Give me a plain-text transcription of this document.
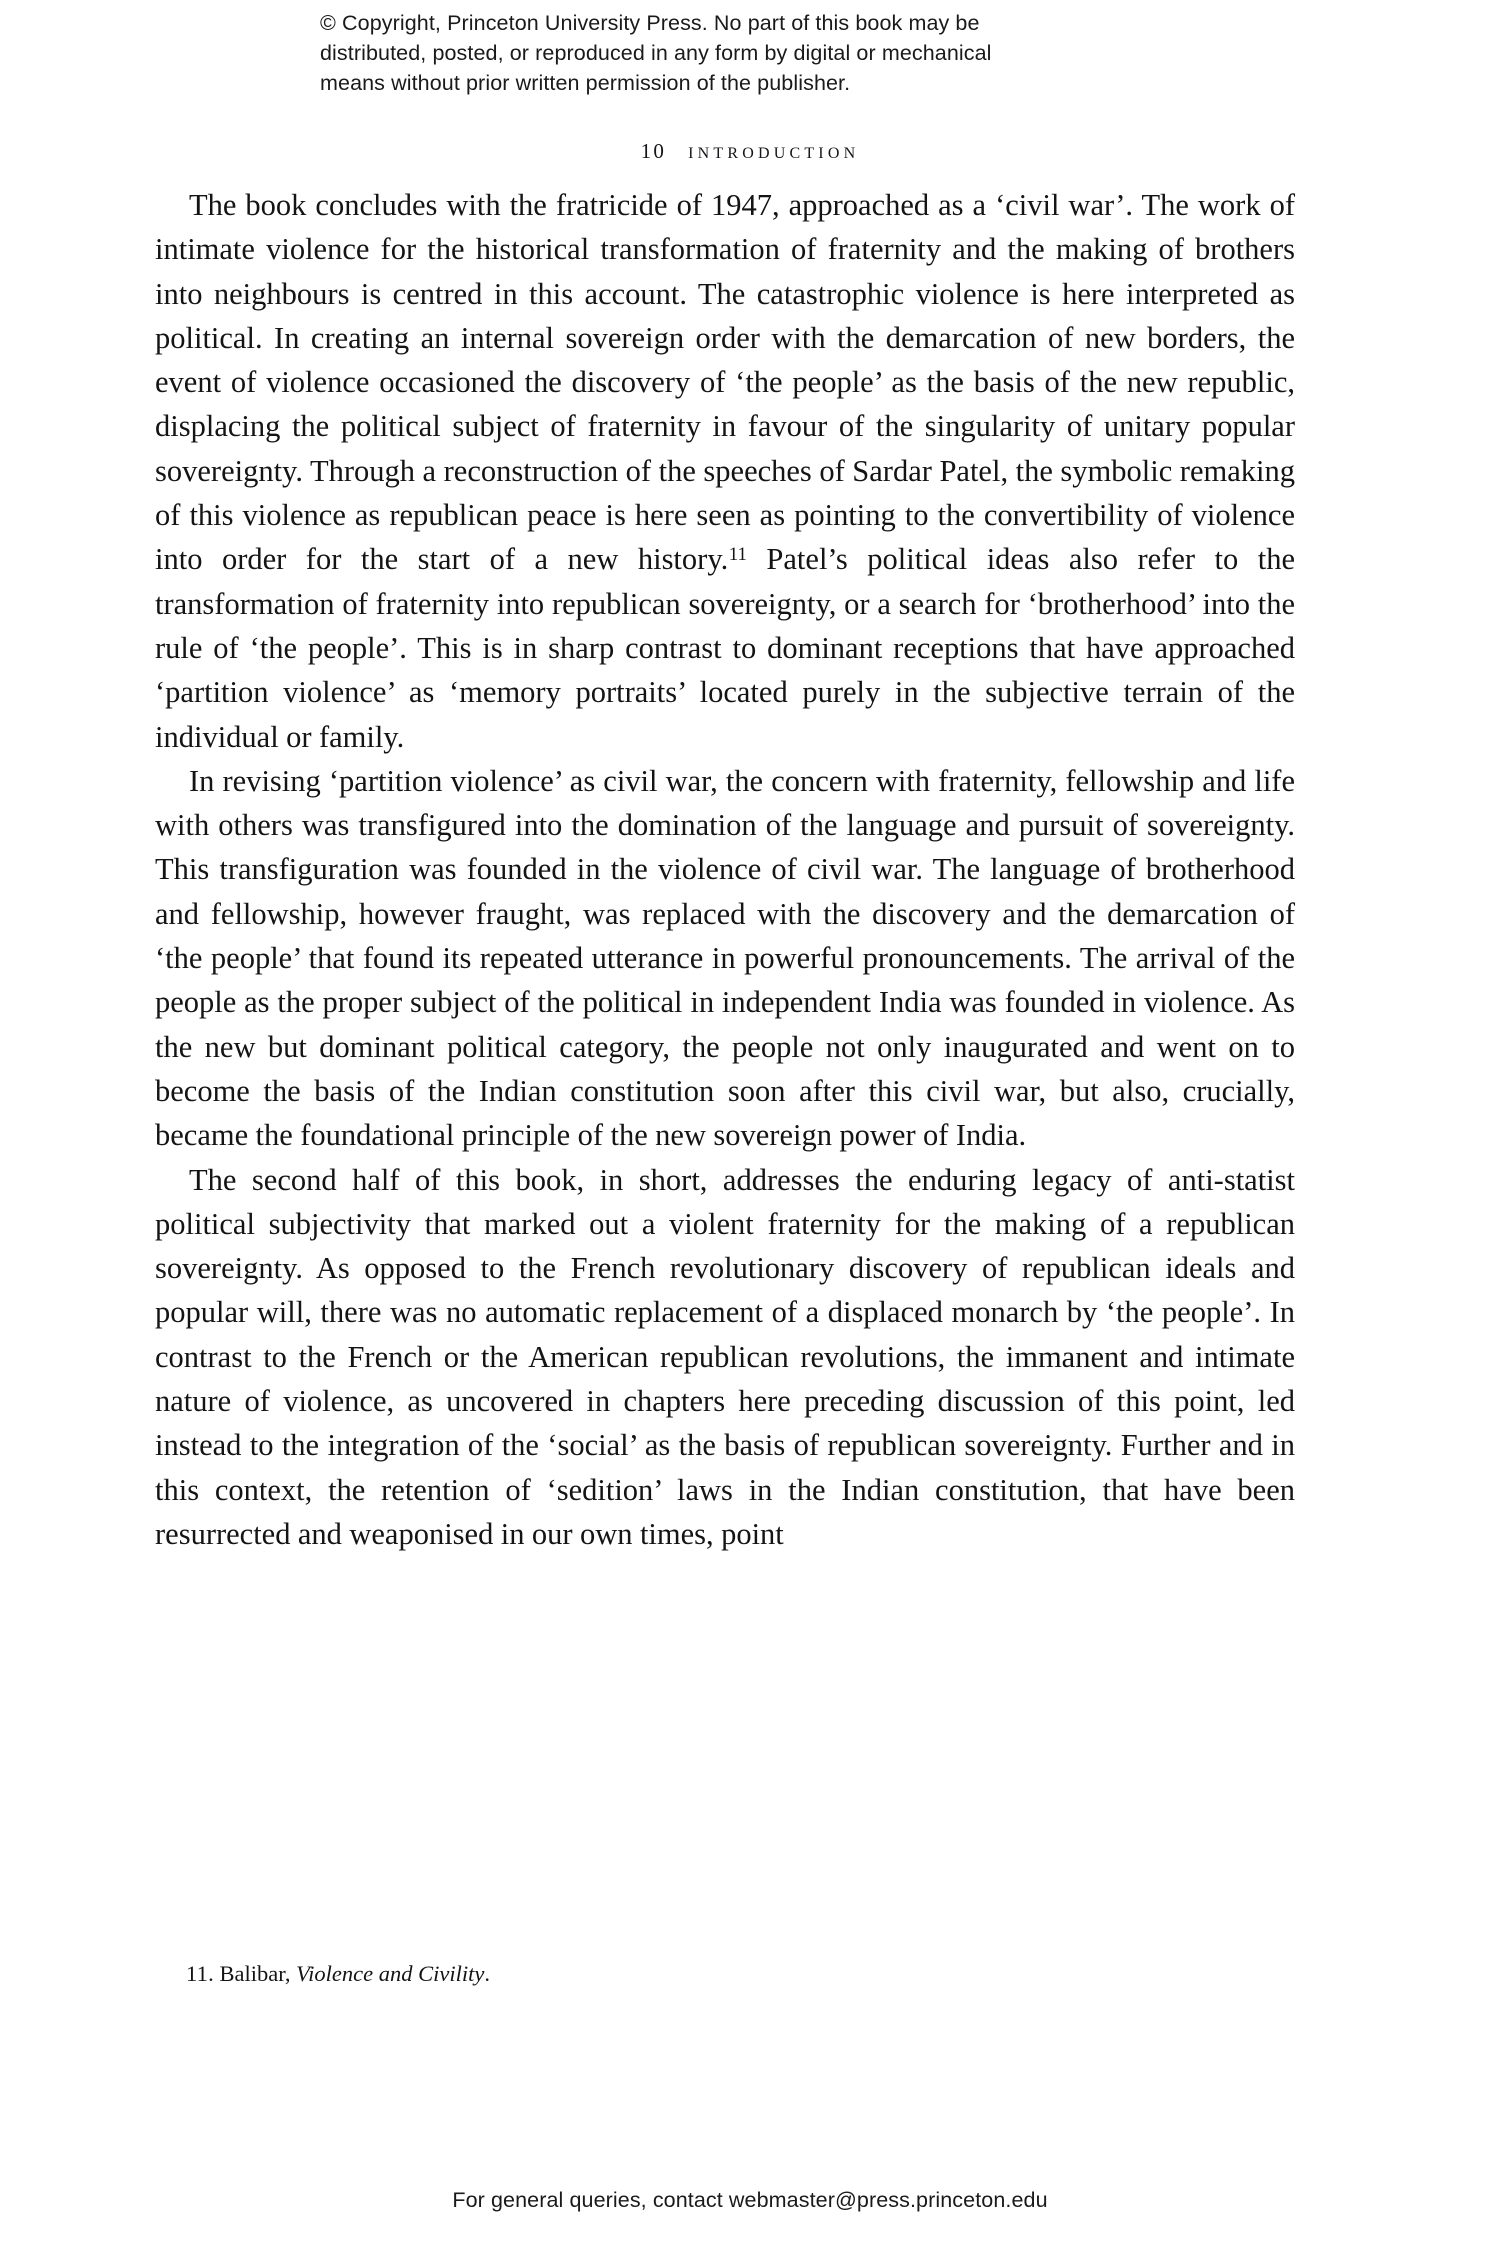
© Copyright, Princeton University Press. No part of this book may be
distributed, posted, or reproduced in any form by digital or mechanical
means without prior written permission of the publisher.
10 introduction

The book concludes with the fratricide of 1947, approached as a ‘civil war’. The work of intimate violence for the historical transformation of fraternity and the making of brothers into neighbours is centred in this account. The catastrophic violence is here interpreted as political. In creating an internal sovereign order with the demarcation of new borders, the event of violence occasioned the discovery of ‘the people’ as the basis of the new republic, displacing the political subject of fraternity in favour of the singularity of unitary popular sovereignty. Through a reconstruction of the speeches of Sardar Patel, the symbolic remaking of this violence as republican peace is here seen as pointing to the convertibility of violence into order for the start of a new history.$^{11}$ Patel’s political ideas also refer to the transformation of fraternity into republican sovereignty, or a search for ‘brotherhood’ into the rule of ‘the people’. This is in sharp contrast to dominant receptions that have approached ‘partition violence’ as ‘memory portraits’ located purely in the subjective terrain of the individual or family.

In revising ‘partition violence’ as civil war, the concern with fraternity, fellowship and life with others was transfigured into the domination of the language and pursuit of sovereignty. This transfiguration was founded in the violence of civil war. The language of brotherhood and fellowship, however fraught, was replaced with the discovery and the demarcation of ‘the people’ that found its repeated utterance in powerful pronouncements. The arrival of the people as the proper subject of the political in independent India was founded in violence. As the new but dominant political category, the people not only inaugurated and went on to become the basis of the Indian constitution soon after this civil war, but also, crucially, became the foundational principle of the new sovereign power of India.

The second half of this book, in short, addresses the enduring legacy of anti-statist political subjectivity that marked out a violent fraternity for the making of a republican sovereignty. As opposed to the French revolutionary discovery of republican ideals and popular will, there was no automatic replacement of a displaced monarch by ‘the people’. In contrast to the French or the American republican revolutions, the immanent and intimate nature of violence, as uncovered in chapters here preceding discussion of this point, led instead to the integration of the ‘social’ as the basis of republican sovereignty. Further and in this context, the retention of ‘sedition’ laws in the Indian constitution, that have been resurrected and weaponised in our own times, point

11. Balibar, Violence and Civility.
For general queries, contact webmaster@press.princeton.edu
